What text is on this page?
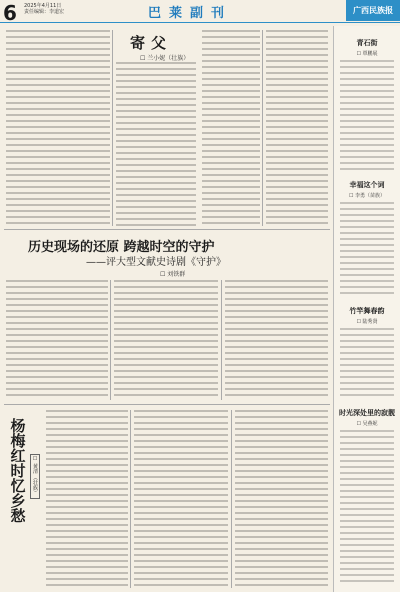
6 2025年4月11日
责任编辑：李道宏	巴莱副刊	广西民族报
寄父
☐ 兰小妮（壮族）
历史现场的还原 跨越时空的守护
——评大型文献史诗剧《守护》
☐ 刘铁群
杨梅红时忆乡愁	☐ 黄清 （壮族）
青石街
☐ 覃鹏展
幸福这个词
☐ 李勇（苗族）
竹竿舞春韵
☐ 陆秀贤
时光深处里的寂靓
☐ 吴燕妮
